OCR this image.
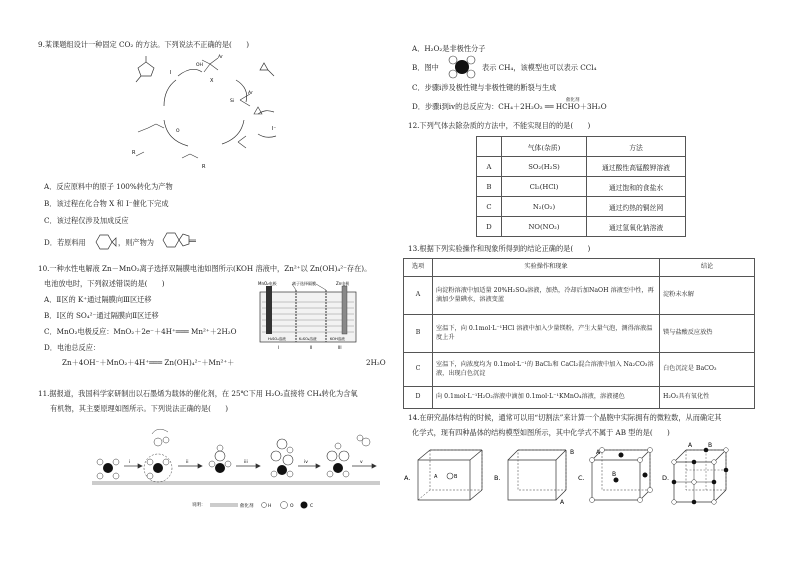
9.某课题组设计一种固定 CO₂ 的方法。下列说法不正确的是(　　)
I
X
I⁻
R
R
OH
O
Ar
Ar
Si
A．反应原料中的原子 100%转化为产物
B．该过程在化合物 X 和 I⁻催化下完成
C．该过程仅涉及加成反应
D．若原料用	，则产物为
10.一种水性电解液 Zn－MnO₂离子选择双隔膜电池如图所示(KOH 溶液中，Zn²⁺以 Zn(OH)₄²⁻存在)。
电池放电时，下列叙述错误的是(　　)
A．Ⅱ区的 K⁺通过隔膜向Ⅲ区迁移
B．Ⅰ区的 SO₄²⁻通过隔膜向Ⅱ区迁移
C．MnO₂电极反应：MnO₂＋2e⁻＋4H⁺═══ Mn²⁺＋2H₂O
D．电池总反应：
Zn＋4OH⁻＋MnO₂＋4H⁺═══ Zn(OH)₄²⁻＋Mn²⁺＋	2H₂O
MnO₂电极	离子选择隔膜	Zn电极
H₂SO₄溶液	K₂SO₄溶液	KOH溶液
I	II	III
11.据报道，我国科学家研制出以石墨烯为载体的催化剂，在 25℃下用 H₂O₂直接将 CH₄转化为含氧
有机物，其主要原理如图所示。下列说法正确的是(　　)
i	ii	iii	iv	v
说明：	催化剂	H	O	C
A．H₂O₂是非极性分子
B．图中	表示 CH₄，该模型也可以表示 CCl₄
C．步骤ⅰ涉及极性键与非极性键的断裂与生成
D．步骤ⅰ到ⅳ的总反应为：CH₄＋2H₂O₂ ══ HCHO＋3H₂O
催化剂
12.下列气体去除杂质的方法中，不能实现目的的是(　　)
	气体(杂质)	方法
A	SO₂(H₂S)	通过酸性高锰酸钾溶液
B	Cl₂(HCl)	通过饱和的食盐水
C	N₂(O₂)	通过灼热的铜丝网
D	NO(NO₂)	通过氢氧化钠溶液
13.根据下列实验操作和现象所得到的结论正确的是(　　)
选项	实验操作和现象	结论
A	向淀粉溶液中加适量 20%H₂SO₄溶液，加热，冷却后加NaOH 溶液至中性，再滴加少量碘水，溶液变蓝	淀粉未水解
B	室温下，向 0.1mol·L⁻¹HCl 溶液中加入少量镁粉，产生大量气泡，测得溶液温度上升	镁与盐酸反应放热
C	室温下，向浓度均为 0.1mol·L⁻¹的 BaCl₂和 CaCl₂混合溶液中加入 Na₂CO₃溶液，出现白色沉淀	白色沉淀是 BaCO₃
D	向 0.1mol·L⁻¹H₂O₂溶液中滴加 0.1mol·L⁻¹KMnO₄溶液，溶液褪色	H₂O₂具有氧化性
14.在研究晶体结构的时候，通常可以用“切割法”来计算一个晶胞中实际拥有的微粒数，从而确定其
化学式，现有四种晶体的结构模型如图所示，其中化学式不属于 AB 型的是(　　)
A.	A	B	B.
B
A
C.
A
B	D.
A	B
